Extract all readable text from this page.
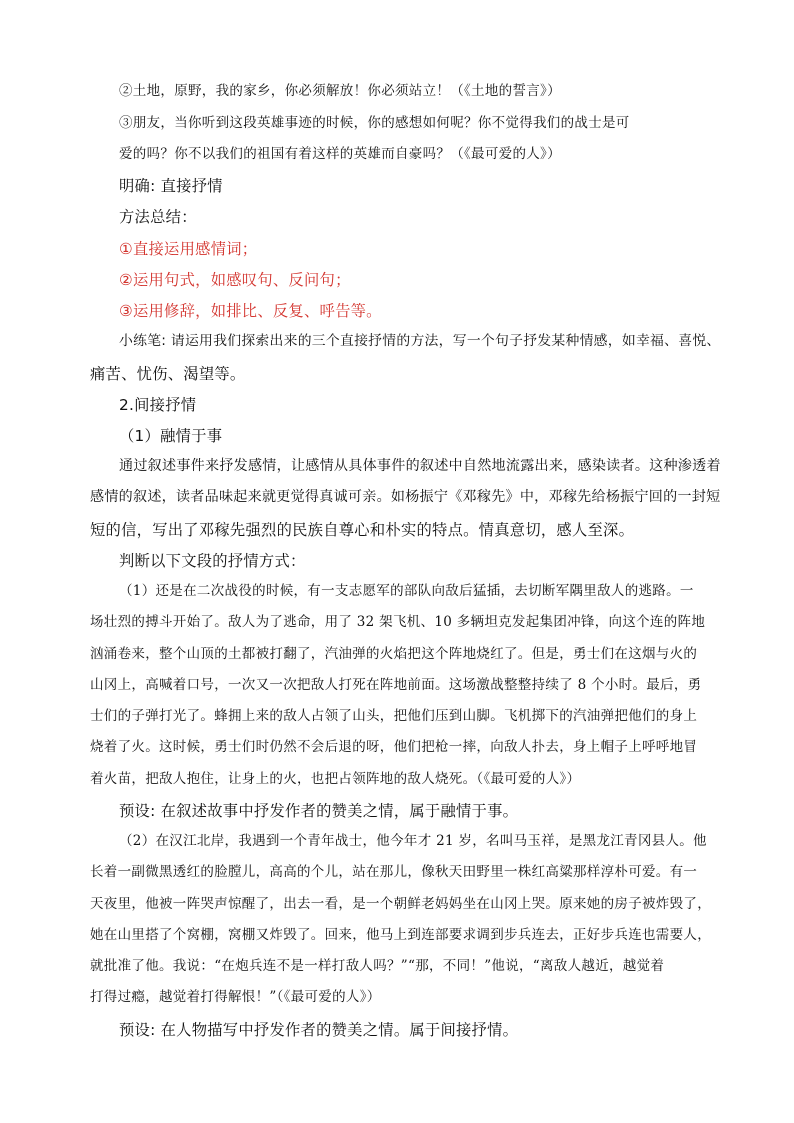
②土地，原野，我的家乡，你必须解放！你必须站立！（《土地的誓言》）

③朋友，当你听到这段英雄事迹的时候，你的感想如何呢？你不觉得我们的战士是可

爱的吗？你不以我们的祖国有着这样的英雄而自豪吗？（《最可爱的人》）

明确: 直接抒情

方法总结：

①直接运用感情词；

②运用句式，如感叹句、反问句；

③运用修辞，如排比、反复、呼告等。

小练笔: 请运用我们探索出来的三个直接抒情的方法，写一个句子抒发某种情感，如幸福、喜悦、

痛苦、忧伤、渴望等。

2.间接抒情

（1）融情于事

通过叙述事件来抒发感情，让感情从具体事件的叙述中自然地流露出来，感染读者。这种渗透着

感情的叙述，读者品味起来就更觉得真诚可亲。如杨振宁《邓稼先》中，邓稼先给杨振宁回的一封短

短的信，写出了邓稼先强烈的民族自尊心和朴实的特点。情真意切，感人至深。

判断以下文段的抒情方式：

（1）还是在二次战役的时候，有一支志愿军的部队向敌后猛插，去切断军隅里敌人的逃路。一

场壮烈的搏斗开始了。敌人为了逃命，用了 32 架飞机、10 多辆坦克发起集团冲锋，向这个连的阵地

汹涌卷来，整个山顶的土都被打翻了，汽油弹的火焰把这个阵地烧红了。但是，勇士们在这烟与火的

山冈上，高喊着口号，一次又一次把敌人打死在阵地前面。这场激战整整持续了 8 个小时。最后，勇

士们的子弹打光了。蜂拥上来的敌人占领了山头，把他们压到山脚。飞机掷下的汽油弹把他们的身上

烧着了火。这时候，勇士们时仍然不会后退的呀，他们把枪一摔，向敌人扑去，身上帽子上呼呼地冒

着火苗，把敌人抱住，让身上的火，也把占领阵地的敌人烧死。（《最可爱的人》）

预设: 在叙述故事中抒发作者的赞美之情，属于融情于事。

（2）在汉江北岸，我遇到一个青年战士，他今年才 21 岁，名叫马玉祥，是黑龙江青冈县人。他

长着一副微黑透红的脸膛儿，高高的个儿，站在那儿，像秋天田野里一株红高粱那样淳朴可爱。有一

天夜里，他被一阵哭声惊醒了，出去一看，是一个朝鲜老妈妈坐在山冈上哭。原来她的房子被炸毁了，

她在山里搭了个窝棚，窝棚又炸毁了。回来，他马上到连部要求调到步兵连去，正好步兵连也需要人，

就批准了他。我说：“在炮兵连不是一样打敌人吗？”“那，不同！”他说，“离敌人越近，越觉着

打得过瘾，越觉着打得解恨！”（《最可爱的人》）

预设: 在人物描写中抒发作者的赞美之情。属于间接抒情。
